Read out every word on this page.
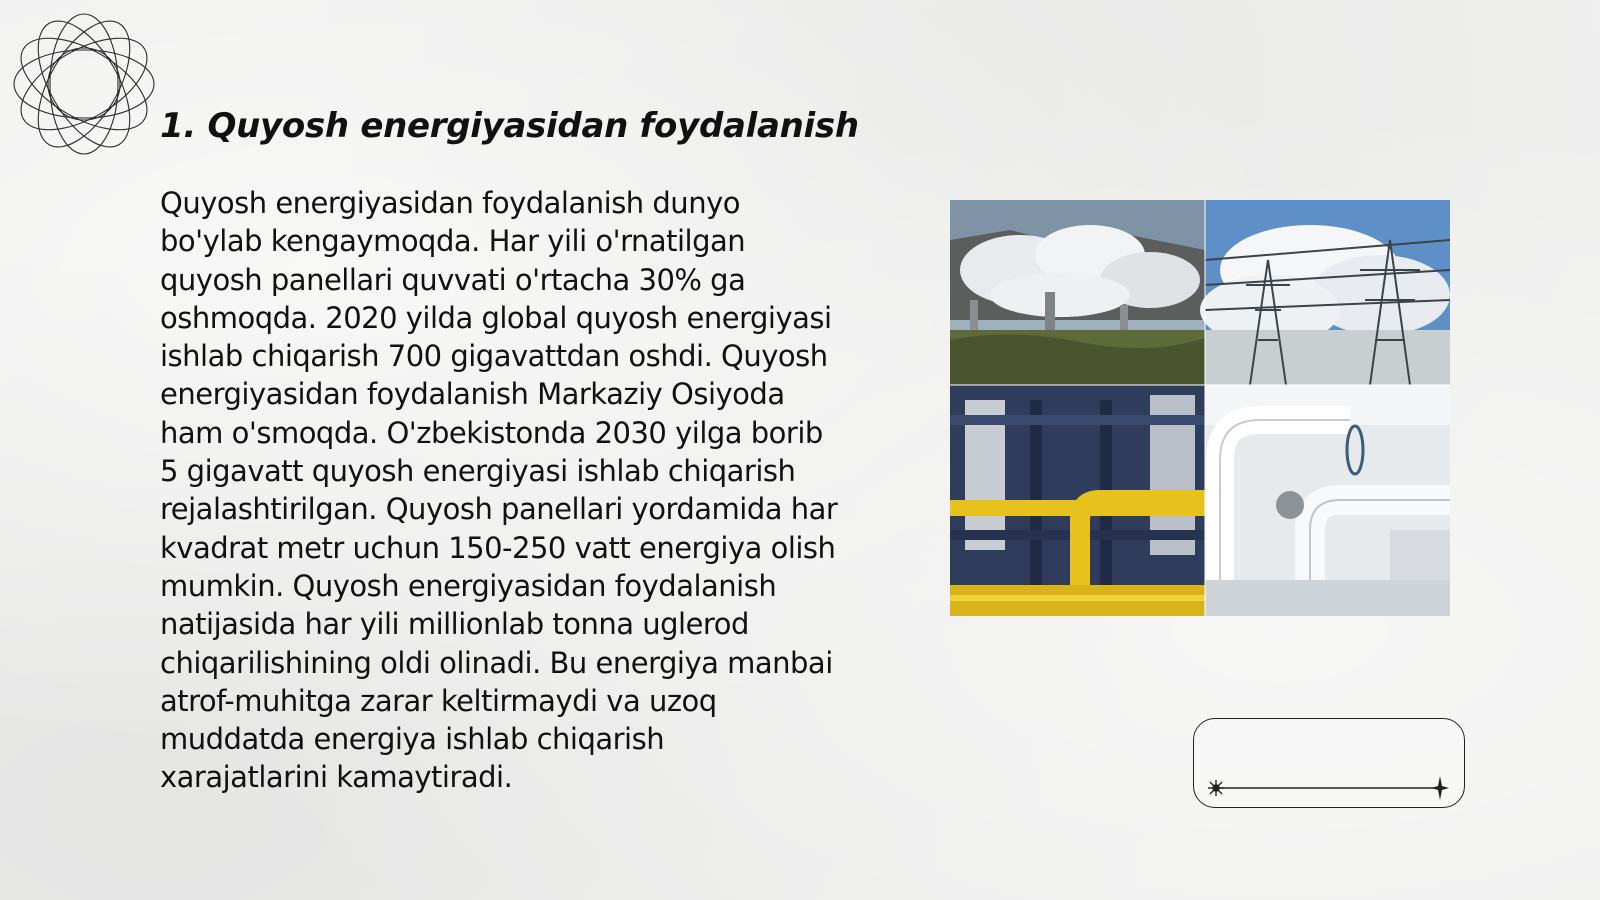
1. Quyosh energiyasidan foydalanish

Quyosh energiyasidan foydalanish dunyo bo'ylab kengaymoqda. Har yili o'rnatilgan quyosh panellari quvvati o'rtacha 30% ga oshmoqda. 2020 yilda global quyosh energiyasi ishlab chiqarish 700 gigavattdan oshdi. Quyosh energiyasidan foydalanish Markaziy Osiyoda ham o'smoqda. O'zbekistonda 2030 yilga borib 5 gigavatt quyosh energiyasi ishlab chiqarish rejalashtirilgan. Quyosh panellari yordamida har kvadrat metr uchun 150-250 vatt energiya olish mumkin. Quyosh energiyasidan foydalanish natijasida har yili millionlab tonna uglerod chiqarilishining oldi olinadi. Bu energiya manbai atrof-muhitga zarar keltirmaydi va uzoq muddatda energiya ishlab chiqarish xarajatlarini kamaytiradi.
